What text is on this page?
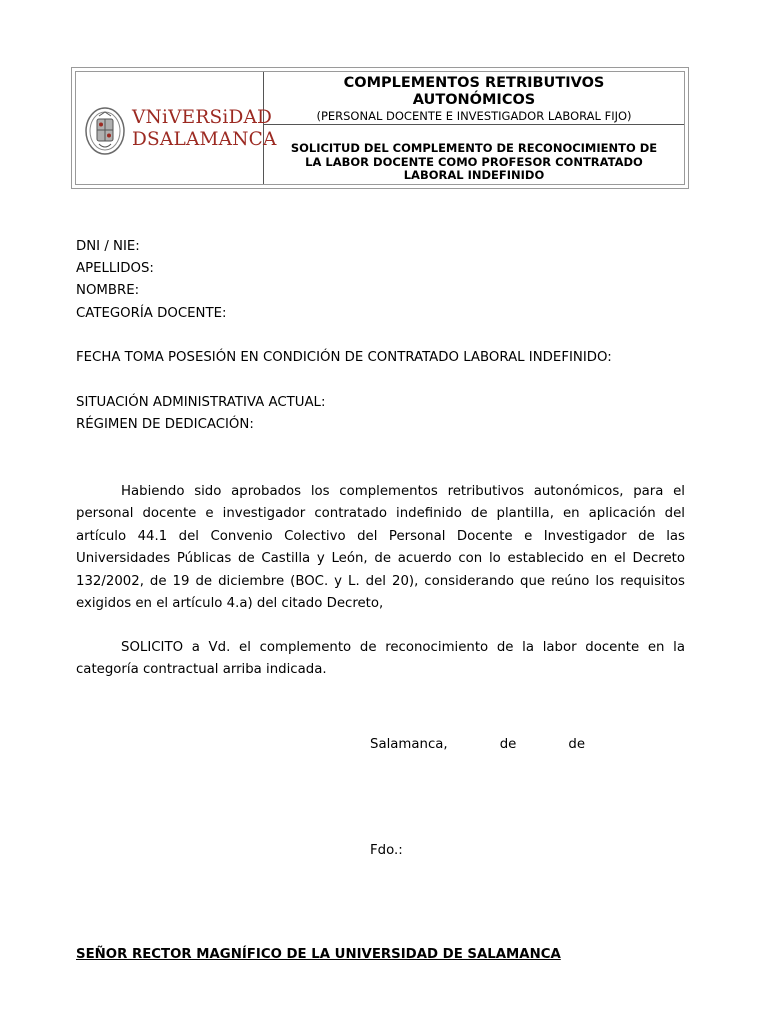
VNiVERSiDAD
DSALAMANCA
COMPLEMENTOS RETRIBUTIVOS
AUTONÓMICOS
(PERSONAL DOCENTE E INVESTIGADOR LABORAL FIJO)
SOLICITUD DEL COMPLEMENTO DE RECONOCIMIENTO DE
LA LABOR DOCENTE COMO PROFESOR CONTRATADO
LABORAL INDEFINIDO
DNI / NIE:
APELLIDOS:
NOMBRE:
CATEGORÍA DOCENTE:
FECHA TOMA POSESIÓN EN CONDICIÓN DE CONTRATADO LABORAL INDEFINIDO:
SITUACIÓN ADMINISTRATIVA ACTUAL:
RÉGIMEN DE DEDICACIÓN:
Habiendo sido aprobados los complementos retributivos autonómicos, para el personal docente e investigador contratado indefinido de plantilla, en aplicación del artículo 44.1 del Convenio Colectivo del Personal Docente e Investigador de las Universidades Públicas de Castilla y León, de acuerdo con lo establecido en el Decreto 132/2002, de 19 de diciembre (BOC. y L. del 20), considerando que reúno los requisitos exigidos en el artículo 4.a) del citado Decreto,
SOLICITO a Vd. el complemento de reconocimiento de la labor docente en la categoría contractual arriba indicada.
Salamanca,	de	de
Fdo.:
SEÑOR RECTOR MAGNÍFICO DE LA UNIVERSIDAD DE SALAMANCA
